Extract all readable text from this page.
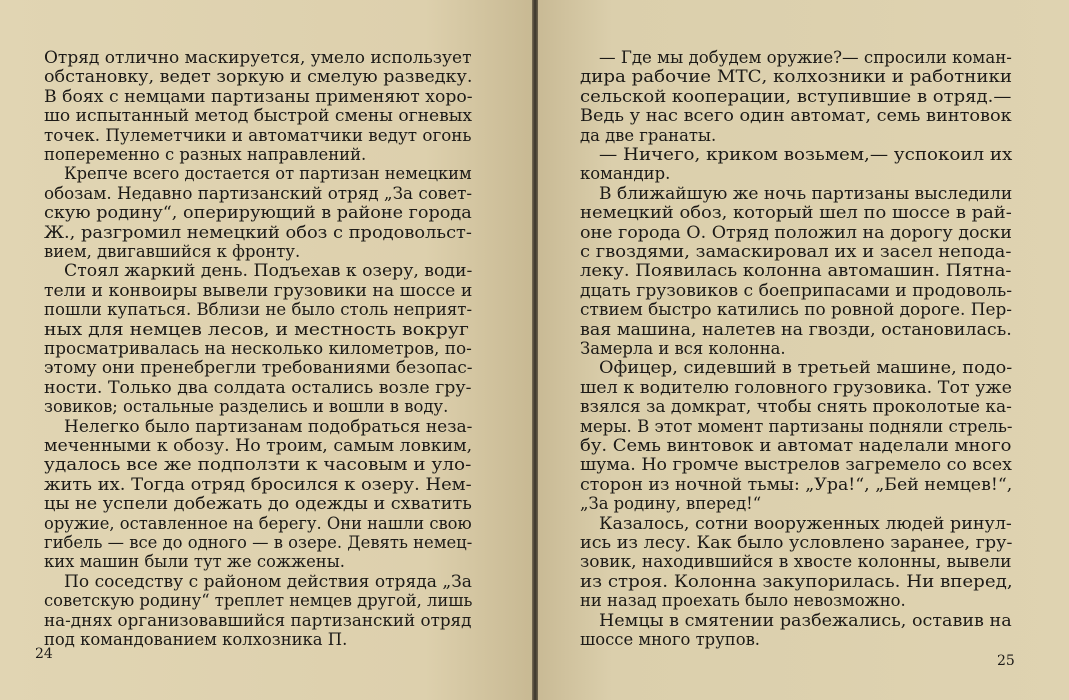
Отряд отлично маскируется, умело использует
обстановку, ведет зоркую и смелую разведку.
В боях с немцами партизаны применяют хоро-
шо испытанный метод быстрой смены огневых
точек. Пулеметчики и автоматчики ведут огонь
попеременно с разных направлений.
Крепче всего достается от партизан немецким
обозам. Недавно партизанский отряд „За совет-
скую родину“, оперирующий в районе города
Ж., разгромил немецкий обоз с продовольст-
вием, двигавшийся к фронту.
Стоял жаркий день. Подъехав к озеру, води-
тели и конвоиры вывели грузовики на шоссе и
пошли купаться. Вблизи не было столь неприят-
ных для немцев лесов, и местность вокруг
просматривалась на несколько километров, по-
этому они пренебрегли требованиями безопас-
ности. Только два солдата остались возле гру-
зовиков; остальные разделись и вошли в воду.
Нелегко было партизанам подобраться неза-
меченными к обозу. Но троим, самым ловким,
удалось все же подползти к часовым и уло-
жить их. Тогда отряд бросился к озеру. Нем-
цы не успели добежать до одежды и схватить
оружие, оставленное на берегу. Они нашли свою
гибель — все до одного — в озере. Девять немец-
ких машин были тут же сожжены.
По соседству с районом действия отряда „За
советскую родину“ треплет немцев другой, лишь
на-днях организовавшийся партизанский отряд
под командованием колхозника П.
24
— Где мы добудем оружие?— спросили коман-
дира рабочие МТС, колхозники и работники
сельской кооперации, вступившие в отряд.—
Ведь у нас всего один автомат, семь винтовок
да две гранаты.
— Ничего, криком возьмем,— успокоил их
командир.
В ближайшую же ночь партизаны выследили
немецкий обоз, который шел по шоссе в рай-
оне города О. Отряд положил на дорогу доски
с гвоздями, замаскировал их и засел непода-
леку. Появилась колонна автомашин. Пятна-
дцать грузовиков с боеприпасами и продоволь-
ствием быстро катились по ровной дороге. Пер-
вая машина, налетев на гвозди, остановилась.
Замерла и вся колонна.
Офицер, сидевший в третьей машине, подо-
шел к водителю головного грузовика. Тот уже
взялся за домкрат, чтобы снять проколотые ка-
меры. В этот момент партизаны подняли стрель-
бу. Семь винтовок и автомат наделали много
шума. Но громче выстрелов загремело со всех
сторон из ночной тьмы: „Ура!“, „Бей немцев!“,
„За родину, вперед!“
Казалось, сотни вооруженных людей ринул-
ись из лесу. Как было условлено заранее, гру-
зовик, находившийся в хвосте колонны, вывели
из строя. Колонна закупорилась. Ни вперед,
ни назад проехать было невозможно.
Немцы в смятении разбежались, оставив на
шоссе много трупов.
25
